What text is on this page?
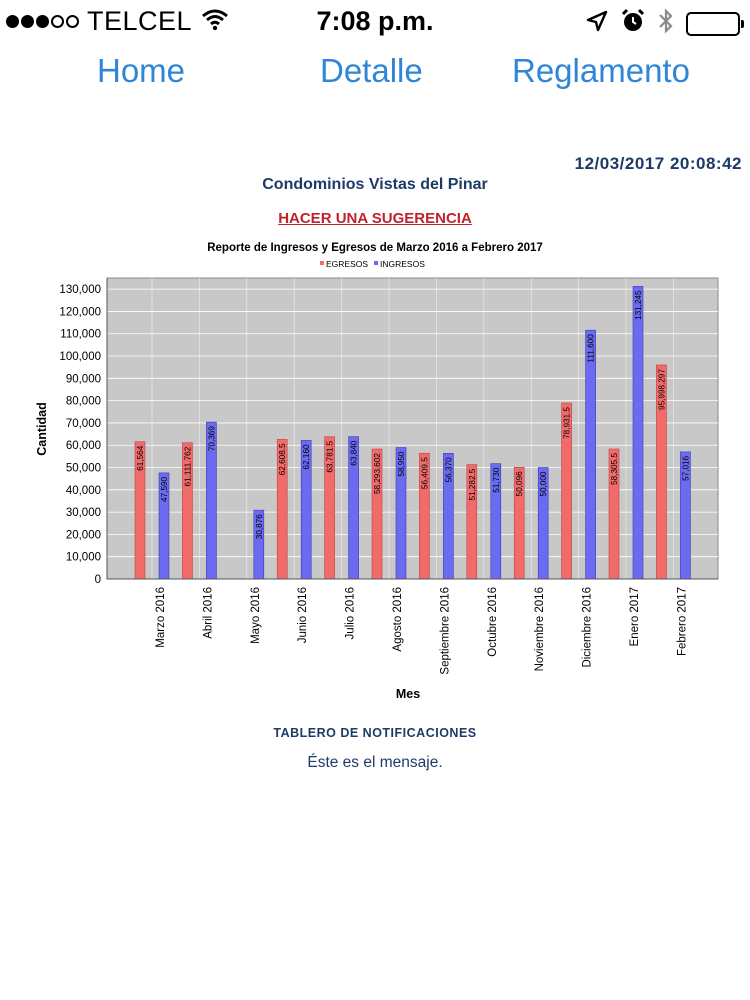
TELCEL	7:08 p.m.
Home	Detalle	Reglamento
12/03/2017 20:08:42
Condominios Vistas del Pinar
HACER UNA SUGERENCIA
Reporte de Ingresos y Egresos de Marzo 2016 a Febrero 2017
EGRESOS INGRESOS
0
10,000
20,000
30,000
40,000
50,000
60,000
70,000
80,000
90,000
100,000
110,000
120,000
130,000
61,564
47,590
Marzo 2016
61,111.762
70,369
Abril 2016
30,876
Mayo 2016
62,608.5 62,160
Junio 2016
63,781.5 63,840
Julio 2016
58,293.602 58,950
Agosto 2016
56,409.5 56,370
Septiembre 2016
51,282.5 51,730
Octubre 2016
50,096 50,000
Noviembre 2016
78,931.5
111,600
Diciembre 2016
58,305.5
131,245
Enero 2017
95,998.297
57,016
Febrero 2017
Cantidad
Mes
TABLERO DE NOTIFICACIONES
Éste es el mensaje.
